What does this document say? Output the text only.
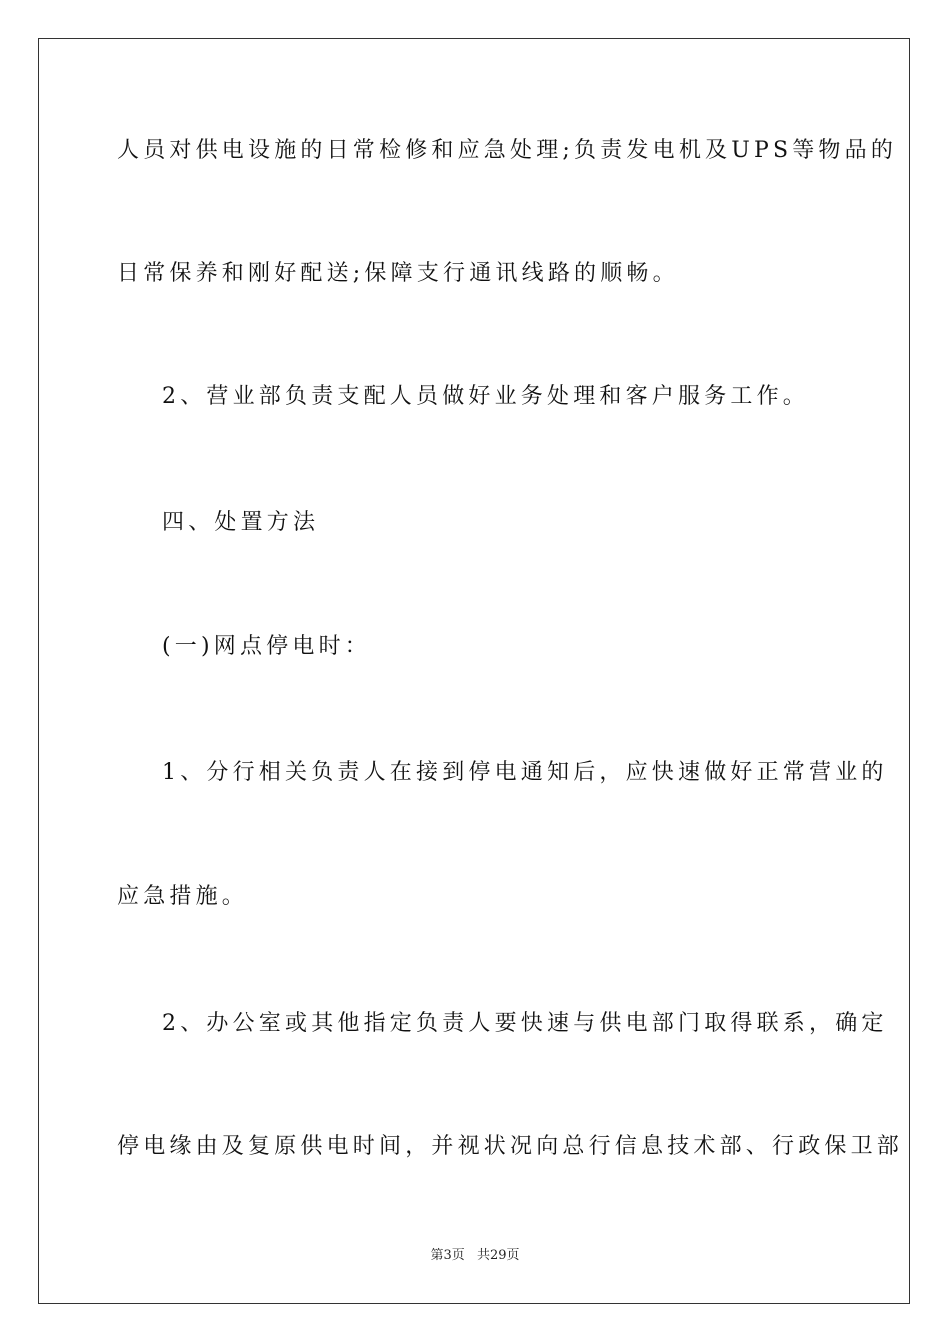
人员对供电设施的日常检修和应急处理;负责发电机及UPS等物品的
日常保养和刚好配送;保障支行通讯线路的顺畅。
2、营业部负责支配人员做好业务处理和客户服务工作。
四、处置方法
(一)网点停电时：
1、分行相关负责人在接到停电通知后，应快速做好正常营业的
应急措施。
2、办公室或其他指定负责人要快速与供电部门取得联系，确定
停电缘由及复原供电时间，并视状况向总行信息技术部、行政保卫部
第3页 共29页
